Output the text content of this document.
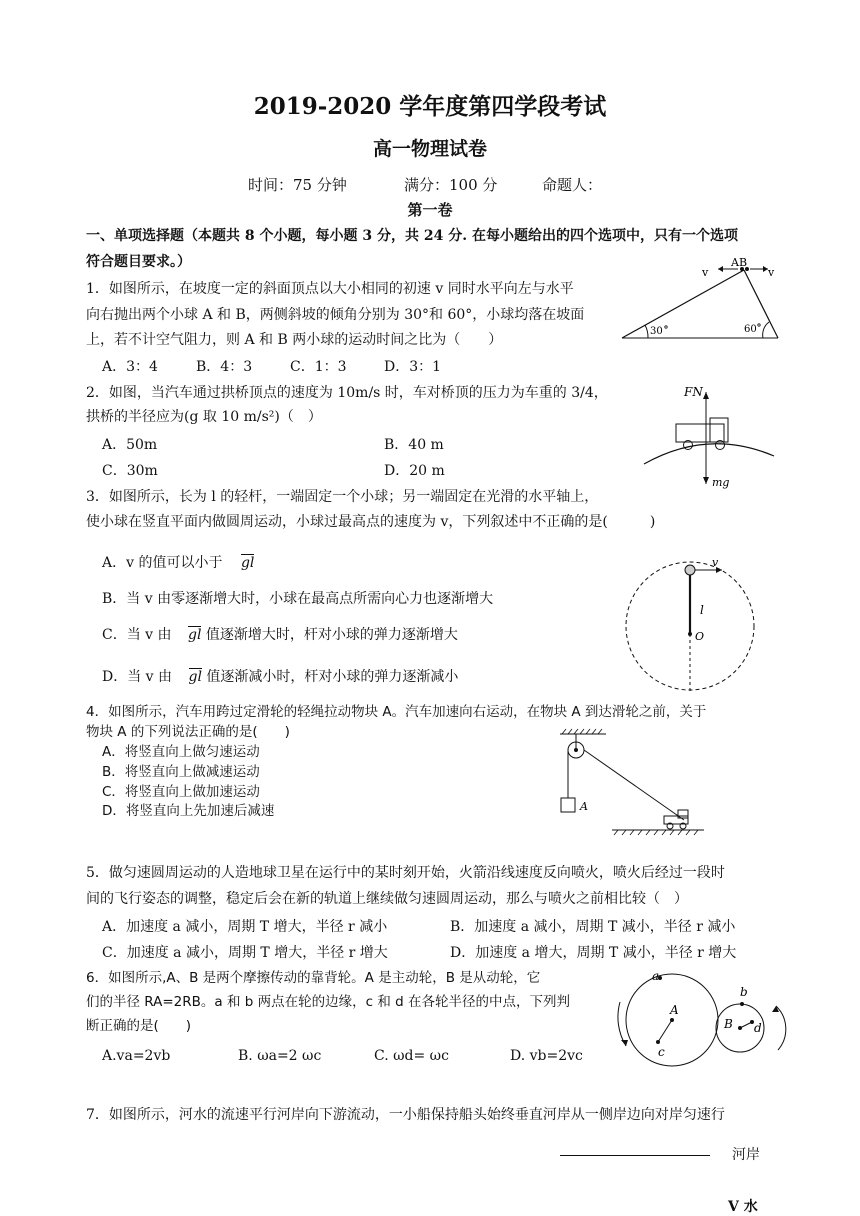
2019-2020 学年度第四学段考试
高一物理试卷
时间：75 分钟	满分：100 分	命题人：
第一卷
一、单项选择题（本题共 8 个小题，每小题 3 分，共 24 分. 在每小题给出的四个选项中，只有一个选项
符合题目要求。）
1．如图所示，在坡度一定的斜面顶点以大小相同的初速 v 同时水平向左与水平
向右抛出两个小球 A 和 B，两侧斜坡的倾角分别为 30°和 60°，小球均落在坡面
上，若不计空气阻力，则 A 和 B 两小球的运动时间之比为（　　）
A．3：4	B．4：3	C．1：3	D．3：1
AB
v	v
30	60
2．如图，当汽车通过拱桥顶点的速度为 10m/s 时，车对桥顶的压力为车重的 3/4，
拱桥的半径应为(g 取 10 m/s²)（　）
A．50m	B．40 m
C．30m	D．20 m
FN
mg
3．如图所示，长为 l 的轻杆，一端固定一个小球；另一端固定在光滑的水平轴上，
使小球在竖直平面内做圆周运动，小球过最高点的速度为 v，下列叙述中不正确的是(　　　)
A．v 的值可以小于 gl
B．当 v 由零逐渐增大时，小球在最高点所需向心力也逐渐增大
C．当 v 由 gl 值逐渐增大时，杆对小球的弹力逐渐增大
D．当 v 由 gl 值逐渐减小时，杆对小球的弹力逐渐减小
v
l
O
4．如图所示，汽车用跨过定滑轮的轻绳拉动物块 A。汽车加速向右运动，在物块 A 到达滑轮之前，关于
物块 A 的下列说法正确的是(　　)
A．将竖直向上做匀速运动
B．将竖直向上做减速运动
C．将竖直向上做加速运动
D．将竖直向上先加速后减速	A
5．做匀速圆周运动的人造地球卫星在运行中的某时刻开始，火箭沿线速度反向喷火，喷火后经过一段时
间的飞行姿态的调整，稳定后会在新的轨道上继续做匀速圆周运动，那么与喷火之前相比较（　）
A．加速度 a 减小，周期 T 增大，半径 r 减小	B．加速度 a 减小，周期 T 减小，半径 r 减小
C．加速度 a 减小，周期 T 增大，半径 r 增大	D．加速度 a 增大，周期 T 减小，半径 r 增大
6．如图所示,A、B 是两个摩擦传动的靠背轮。A 是主动轮，B 是从动轮，它
们的半径 RA=2RB。a 和 b 两点在轮的边缘，c 和 d 在各轮半径的中点，下列判
断正确的是(　　)
A.va=2vb	B. ωa=2 ωc	C. ωd= ωc	D. vb=2vc
a
b
c
d
A
B
7．如图所示，河水的流速平行河岸向下游流动，一小船保持船头始终垂直河岸从一侧岸边向对岸匀速行
河岸
V 水
